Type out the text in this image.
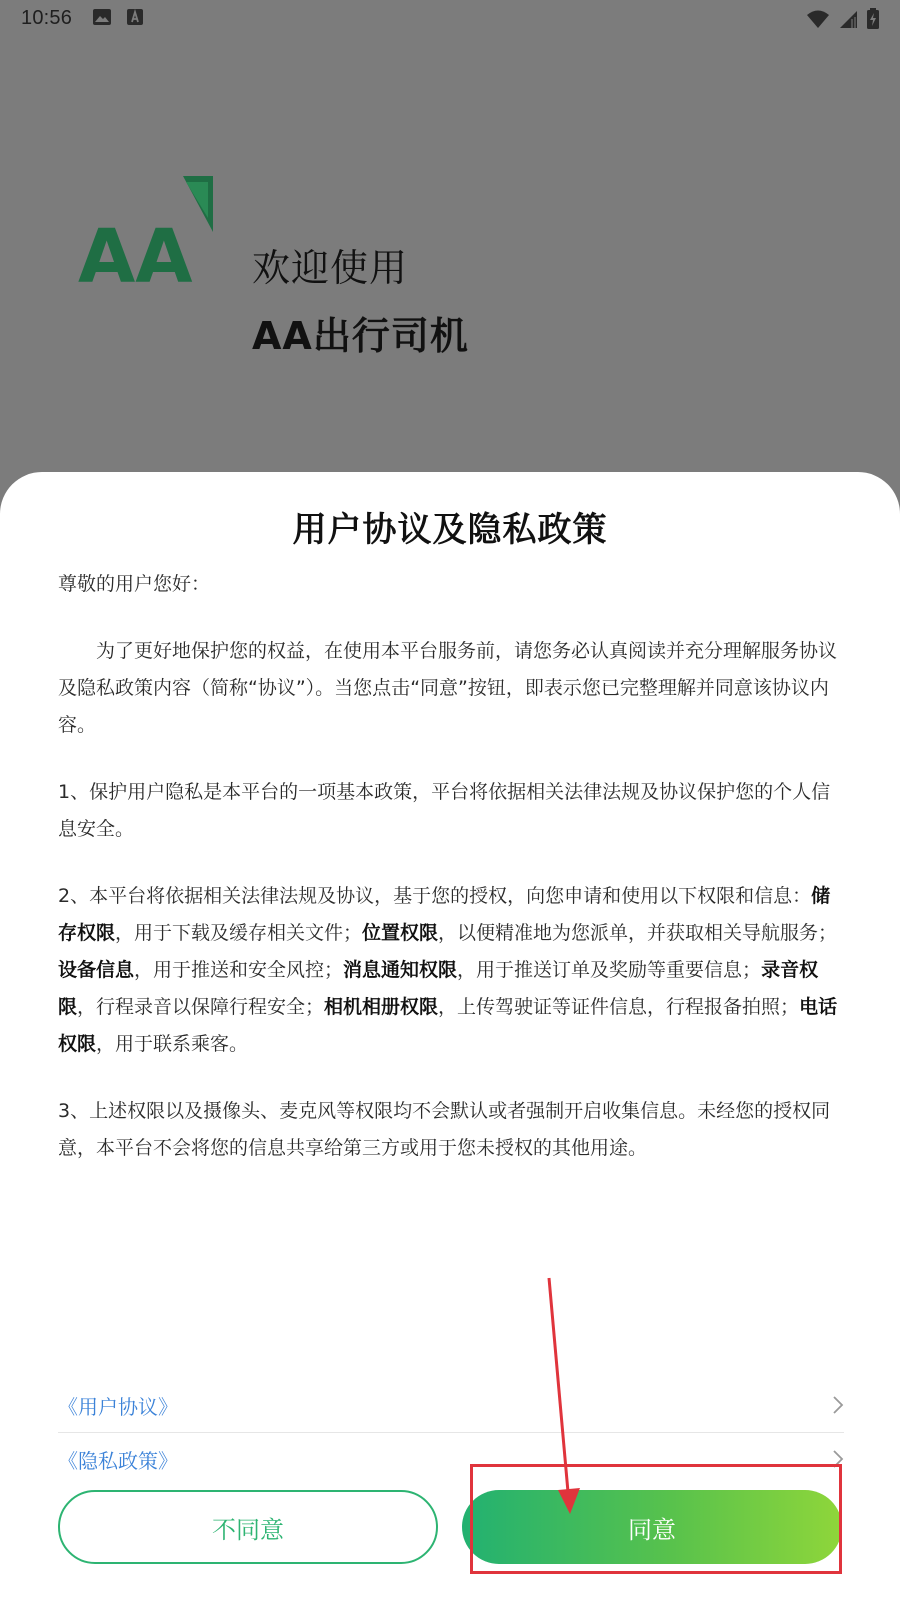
10:56
AA 欢迎使用
AA出行司机
用户协议及隐私政策

尊敬的用户您好：

为了更好地保护您的权益，在使用本平台服务前，请您务必认真阅读并充分理解服务协议及隐私政策内容（简称“协议”）。当您点击“同意”按钮，即表示您已完整理解并同意该协议内容。

1、保护用户隐私是本平台的一项基本政策，平台将依据相关法律法规及协议保护您的个人信息安全。

2、本平台将依据相关法律法规及协议，基于您的授权，向您申请和使用以下权限和信息：储存权限，用于下载及缓存相关文件；位置权限，以便精准地为您派单，并获取相关导航服务；设备信息，用于推送和安全风控；消息通知权限，用于推送订单及奖励等重要信息；录音权限，行程录音以保障行程安全；相机相册权限，上传驾驶证等证件信息，行程报备拍照；电话权限，用于联系乘客。

3、上述权限以及摄像头、麦克风等权限均不会默认或者强制开启收集信息。未经您的授权同意，本平台不会将您的信息共享给第三方或用于您未授权的其他用途。

《用户协议》
《隐私政策》
不同意	同意
